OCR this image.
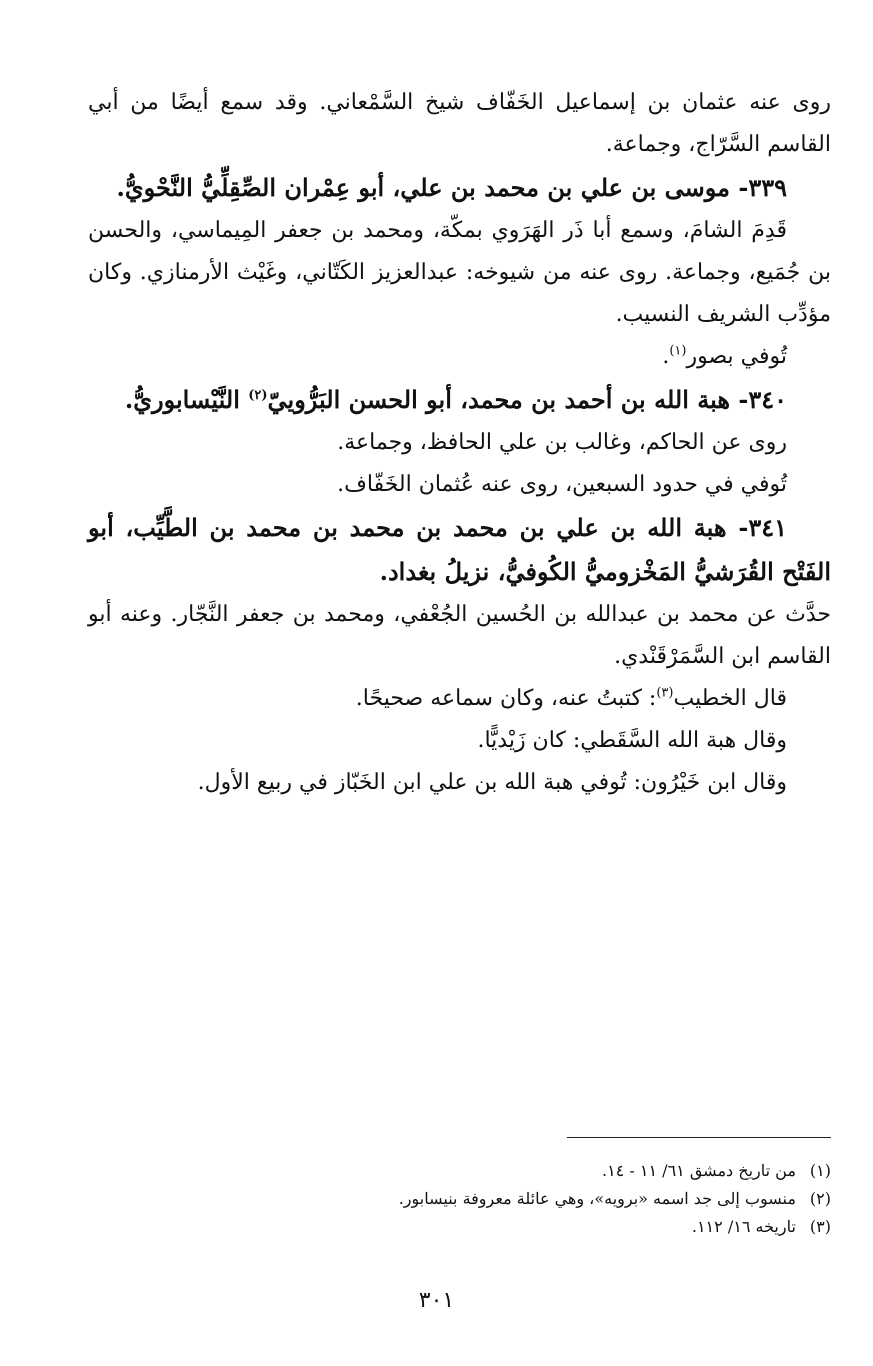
روى عنه عثمان بن إسماعيل الخَفّاف شيخ السَّمْعاني. وقد سمع أيضًا من أبي القاسم السَّرّاج، وجماعة.

٣٣٩- موسى بن علي بن محمد بن علي، أبو عِمْران الصِّقِلِّيُّ النَّحْويُّ.

قَدِمَ الشامَ، وسمع أبا ذَر الهَرَوي بمكّة، ومحمد بن جعفر المِيماسي، والحسن بن جُمَيع، وجماعة. روى عنه من شيوخه: عبدالعزيز الكَتّاني، وغَيْث الأرمنازي. وكان مؤدِّب الشريف النسيب.

تُوفي بصور$^{(١)}$.

٣٤٠- هبة الله بن أحمد بن محمد، أبو الحسن البَرُّوييّ$^{(٢)}$ النَّيْسابوريُّ.

روى عن الحاكم، وغالب بن علي الحافظ، وجماعة.

تُوفي في حدود السبعين، روى عنه عُثمان الخَفّاف.

٣٤١- هبة الله بن علي بن محمد بن محمد بن محمد بن الطَّيِّب، أبو الفَتْح القُرَشيُّ المَخْزوميُّ الكُوفيُّ، نزيلُ بغداد.

حدَّث عن محمد بن عبدالله بن الحُسين الجُعْفي، ومحمد بن جعفر النَّجّار. وعنه أبو القاسم ابن السَّمَرْقَنْدي.

قال الخطيب$^{(٣)}$: كتبتُ عنه، وكان سماعه صحيحًا.

وقال هبة الله السَّقَطي: كان زَيْديًّا.

وقال ابن خَيْرُون: تُوفي هبة الله بن علي ابن الخَبّاز في ربيع الأول.

(١) من تاريخ دمشق ٦١/ ١١ - ١٤.

(٢) منسوب إلى جد اسمه «برويه»، وهي عائلة معروفة بنيسابور.

(٣) تاريخه ١٦/ ١١٢.

٣٠١
